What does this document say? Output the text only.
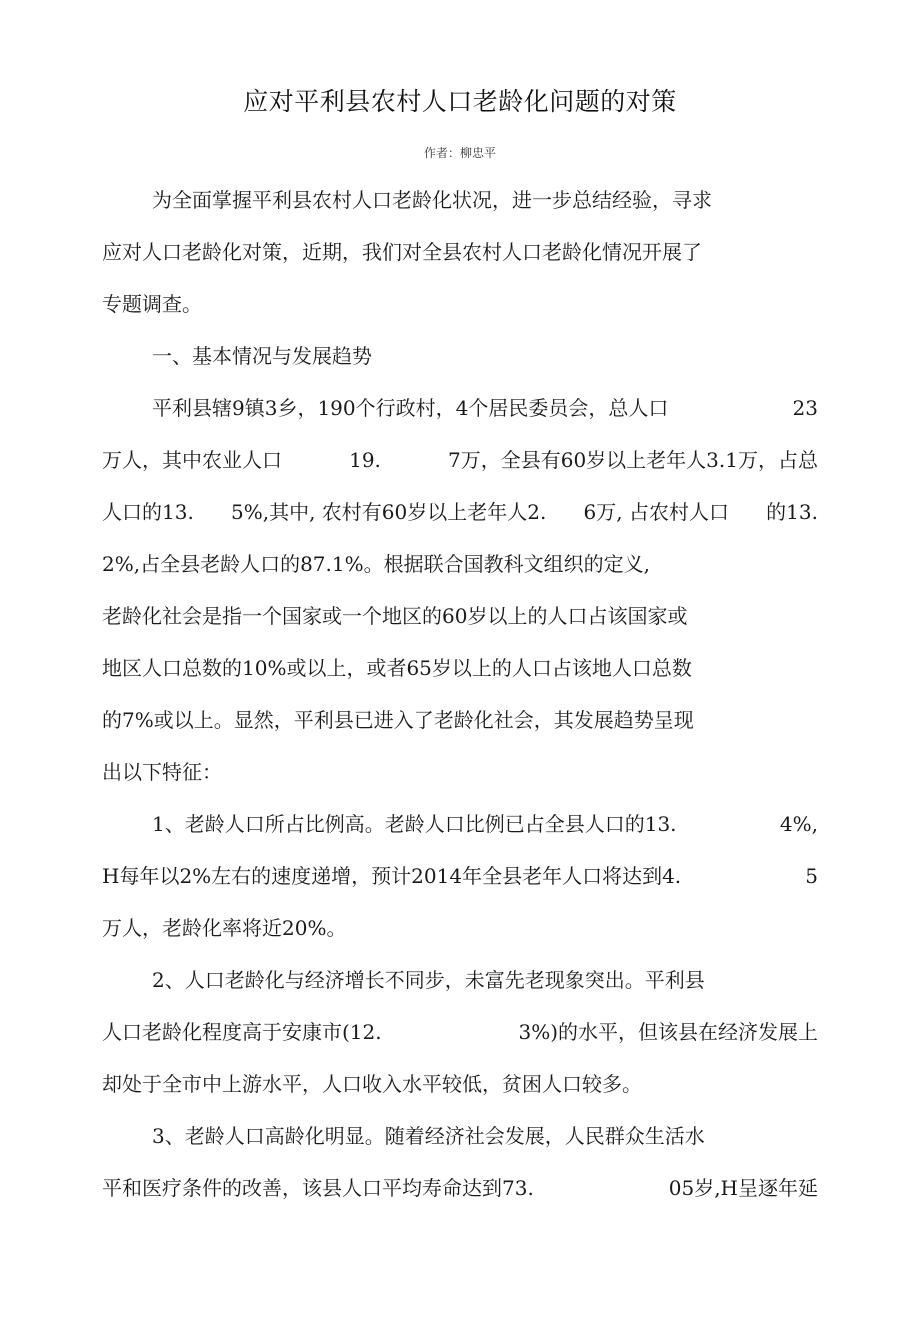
应对平利县农村人口老龄化问题的对策
作者：柳忠平
为全面掌握平利县农村人口老龄化状况，进一步总结经验，寻求
应对人口老龄化对策，近期，我们对全县农村人口老龄化情况开展了
专题调查。
一、基本情况与发展趋势
平利县辖9镇3乡，190个行政村，4个居民委员会，总人口	23
万人，其中农业人口	19.	7万，全县有60岁以上老年人3.1万，占总
人口的13. 5%,其中, 农村有60岁以上老年人2. 6万, 占农村人口 的13.
2%,占全县老龄人口的87.1%。根据联合国教科文组织的定义,
老龄化社会是指一个国家或一个地区的60岁以上的人口占该国家或
地区人口总数的10%或以上，或者65岁以上的人口占该地人口总数
的7%或以上。显然，平利县已进入了老龄化社会，其发展趋势呈现
出以下特征：
1、老龄人口所占比例高。老龄人口比例已占全县人口的13.	4%,
H每年以2%左右的速度递增，预计2014年全县老年人口将达到4.	5
万人，老龄化率将近20%。
2、人口老龄化与经济增长不同步，未富先老现象突出。平利县
人口老龄化程度高于安康市(12.	3%)的水平，但该县在经济发展上
却处于全市中上游水平，人口收入水平较低，贫困人口较多。
3、老龄人口高龄化明显。随着经济社会发展，人民群众生活水
平和医疗条件的改善，该县人口平均寿命达到73.	05岁,H呈逐年延
